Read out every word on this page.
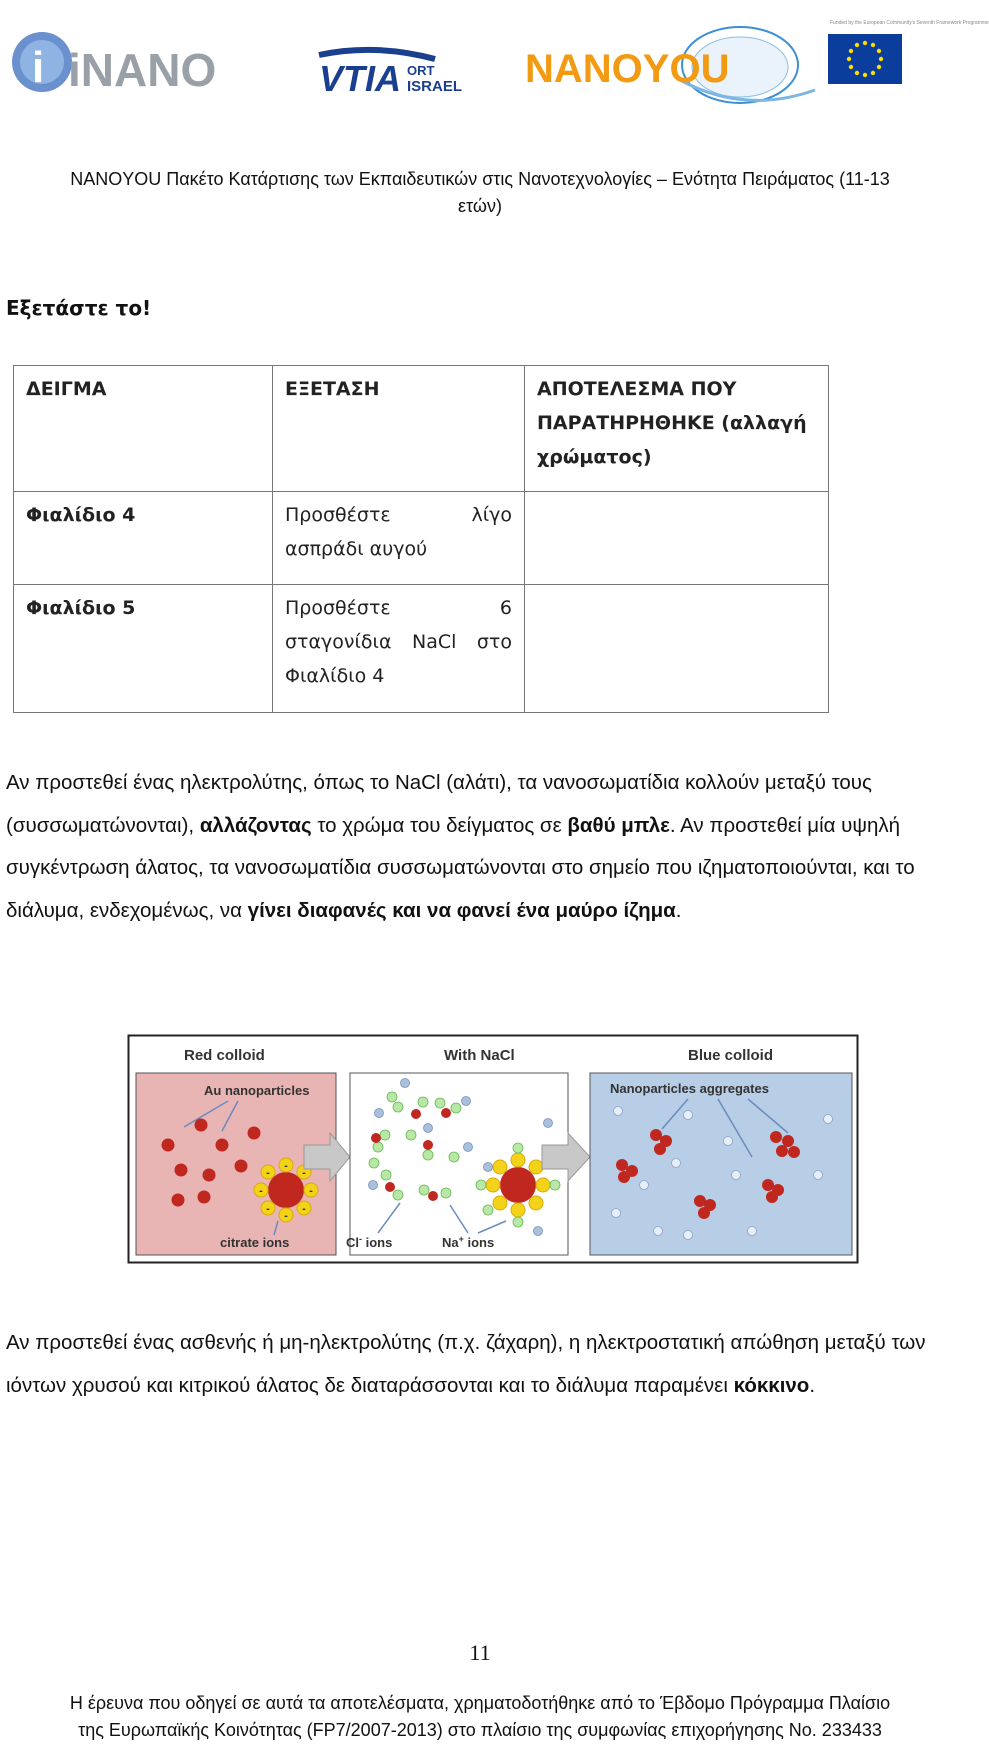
i iNANO	VTIA ORT
ISRAEL NANOYOU
Funded by the European Community's Seventh Framework Programme
NANOYOU Πακέτο Κατάρτισης των Εκπαιδευτικών στις Νανοτεχνολογίες – Ενότητα Πειράματος (11-13
ετών)
Εξετάστε το!
ΔΕΙΓΜΑ	ΕΞΕΤΑΣΗ	ΑΠΟΤΕΛΕΣΜΑ ΠΟΥ ΠΑΡΑΤΗΡΗΘΗΚΕ (αλλαγή χρώματος)
Φιαλίδιο 4	Προσθέστε λίγο
ασπράδι αυγού	

Φιαλίδιο 5	Προσθέστε 6
σταγονίδια NaCl στο
Φιαλίδιο 4	

Αν προστεθεί ένας ηλεκτρολύτης, όπως το NaCl (αλάτι), τα νανοσωματίδια κολλούν μεταξύ τους (συσσωματώνονται), αλλάζοντας το χρώμα του δείγματος σε βαθύ μπλε. Αν προστεθεί μία υψηλή συγκέντρωση άλατος, τα νανοσωματίδια συσσωματώνονται στο σημείο που ιζηματοποιούνται, και το διάλυμα, ενδεχομένως, να γίνει διαφανές και να φανεί ένα μαύρο ίζημα.
Red colloid	With NaCl	Blue colloid
Au nanoparticles
-
-
-
-
-
-
-
-
citrate ions	Cl- ions	Na+ ions
Nanoparticles aggregates
Αν προστεθεί ένας ασθενής ή μη-ηλεκτρολύτης (π.χ. ζάχαρη), η ηλεκτροστατική απώθηση μεταξύ των ιόντων χρυσού και κιτρικού άλατος δε διαταράσσονται και το διάλυμα παραμένει κόκκινο.
11
Η έρευνα που οδηγεί σε αυτά τα αποτελέσματα, χρηματοδοτήθηκε από το Έβδομο Πρόγραμμα Πλαίσιο
της Ευρωπαϊκής Κοινότητας (FP7/2007-2013) στο πλαίσιο της συμφωνίας επιχορήγησης No. 233433
